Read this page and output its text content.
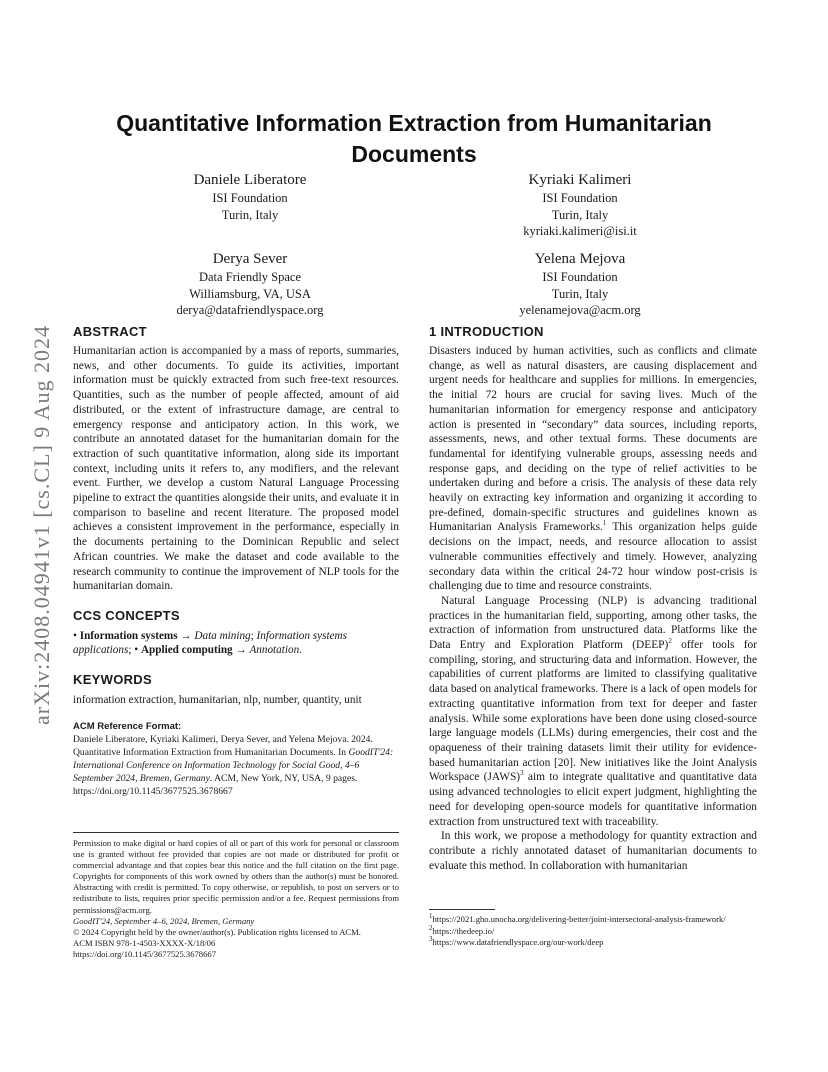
arXiv:2408.04941v1 [cs.CL] 9 Aug 2024
Quantitative Information Extraction from Humanitarian Documents
Daniele Liberatore
ISI Foundation
Turin, Italy
Kyriaki Kalimeri
ISI Foundation
Turin, Italy
kyriaki.kalimeri@isi.it
Derya Sever
Data Friendly Space
Williamsburg, VA, USA
derya@datafriendlyspace.org
Yelena Mejova
ISI Foundation
Turin, Italy
yelenamejova@acm.org
ABSTRACT

Humanitarian action is accompanied by a mass of reports, summaries, news, and other documents. To guide its activities, important information must be quickly extracted from such free-text resources. Quantities, such as the number of people affected, amount of aid distributed, or the extent of infrastructure damage, are central to emergency response and anticipatory action. In this work, we contribute an annotated dataset for the humanitarian domain for the extraction of such quantitative information, along side its important context, including units it refers to, any modifiers, and the relevant event. Further, we develop a custom Natural Language Processing pipeline to extract the quantities alongside their units, and evaluate it in comparison to baseline and recent literature. The proposed model achieves a consistent improvement in the performance, especially in the documents pertaining to the Dominican Republic and select African countries. We make the dataset and code available to the research community to continue the improvement of NLP tools for the humanitarian domain.

CCS CONCEPTS

• Information systems → Data mining; Information systems applications; • Applied computing → Annotation.

KEYWORDS

information extraction, humanitarian, nlp, number, quantity, unit

ACM Reference Format:

Daniele Liberatore, Kyriaki Kalimeri, Derya Sever, and Yelena Mejova. 2024. Quantitative Information Extraction from Humanitarian Documents. In GoodIT'24: International Conference on Information Technology for Social Good, 4–6 September 2024, Bremen, Germany. ACM, New York, NY, USA, 9 pages. https://doi.org/10.1145/3677525.3678667

Permission to make digital or hard copies of all or part of this work for personal or classroom use is granted without fee provided that copies are not made or distributed for profit or commercial advantage and that copies bear this notice and the full citation on the first page. Copyrights for components of this work owned by others than the author(s) must be honored. Abstracting with credit is permitted. To copy otherwise, or republish, to post on servers or to redistribute to lists, requires prior specific permission and/or a fee. Request permissions from permissions@acm.org.

GoodIT'24, September 4–6, 2024, Bremen, Germany

© 2024 Copyright held by the owner/author(s). Publication rights licensed to ACM.

ACM ISBN 978-1-4503-XXXX-X/18/06

https://doi.org/10.1145/3677525.3678667

1 INTRODUCTION

Disasters induced by human activities, such as conflicts and climate change, as well as natural disasters, are causing displacement and urgent needs for healthcare and supplies for millions. In emergencies, the initial 72 hours are crucial for saving lives. Much of the humanitarian information for emergency response and anticipatory action is presented in “secondary” data sources, including reports, assessments, news, and other textual forms. These documents are fundamental for identifying vulnerable groups, assessing needs and response gaps, and deciding on the type of relief activities to be undertaken during and before a crisis. The analysis of these data rely heavily on extracting key information and organizing it according to pre-defined, domain-specific structures and guidelines known as Humanitarian Analysis Frameworks.$^1$ This organization helps guide decisions on the impact, needs, and resource allocation to assist vulnerable communities effectively and timely. However, analyzing secondary data within the critical 24-72 hour window post-crisis is challenging due to time and resource constraints.

Natural Language Processing (NLP) is advancing traditional practices in the humanitarian field, supporting, among other tasks, the extraction of information from unstructured data. Platforms like the Data Entry and Exploration Platform (DEEP)$^2$ offer tools for compiling, storing, and structuring data and information. However, the capabilities of current platforms are limited to classifying qualitative data based on analytical frameworks. There is a lack of open models for extracting quantitative information from text for deeper and faster analysis. While some explorations have been done using closed-source large language models (LLMs) during emergencies, their cost and the opaqueness of their training datasets limit their utility for evidence-based humanitarian action [20]. New initiatives like the Joint Analysis Workspace (JAWS)$^3$ aim to integrate qualitative and quantitative data using advanced technologies to elicit expert judgment, highlighting the need for developing open-source models for quantitative information extraction from unstructured text with traceability.

In this work, we propose a methodology for quantity extraction and contribute a richly annotated dataset of humanitarian documents to evaluate this method. In collaboration with humanitarian

$^1$https://2021.gho.unocha.org/delivering-better/joint-intersectoral-analysis-framework/

$^2$https://thedeep.io/

$^3$https://www.datafriendlyspace.org/our-work/deep
